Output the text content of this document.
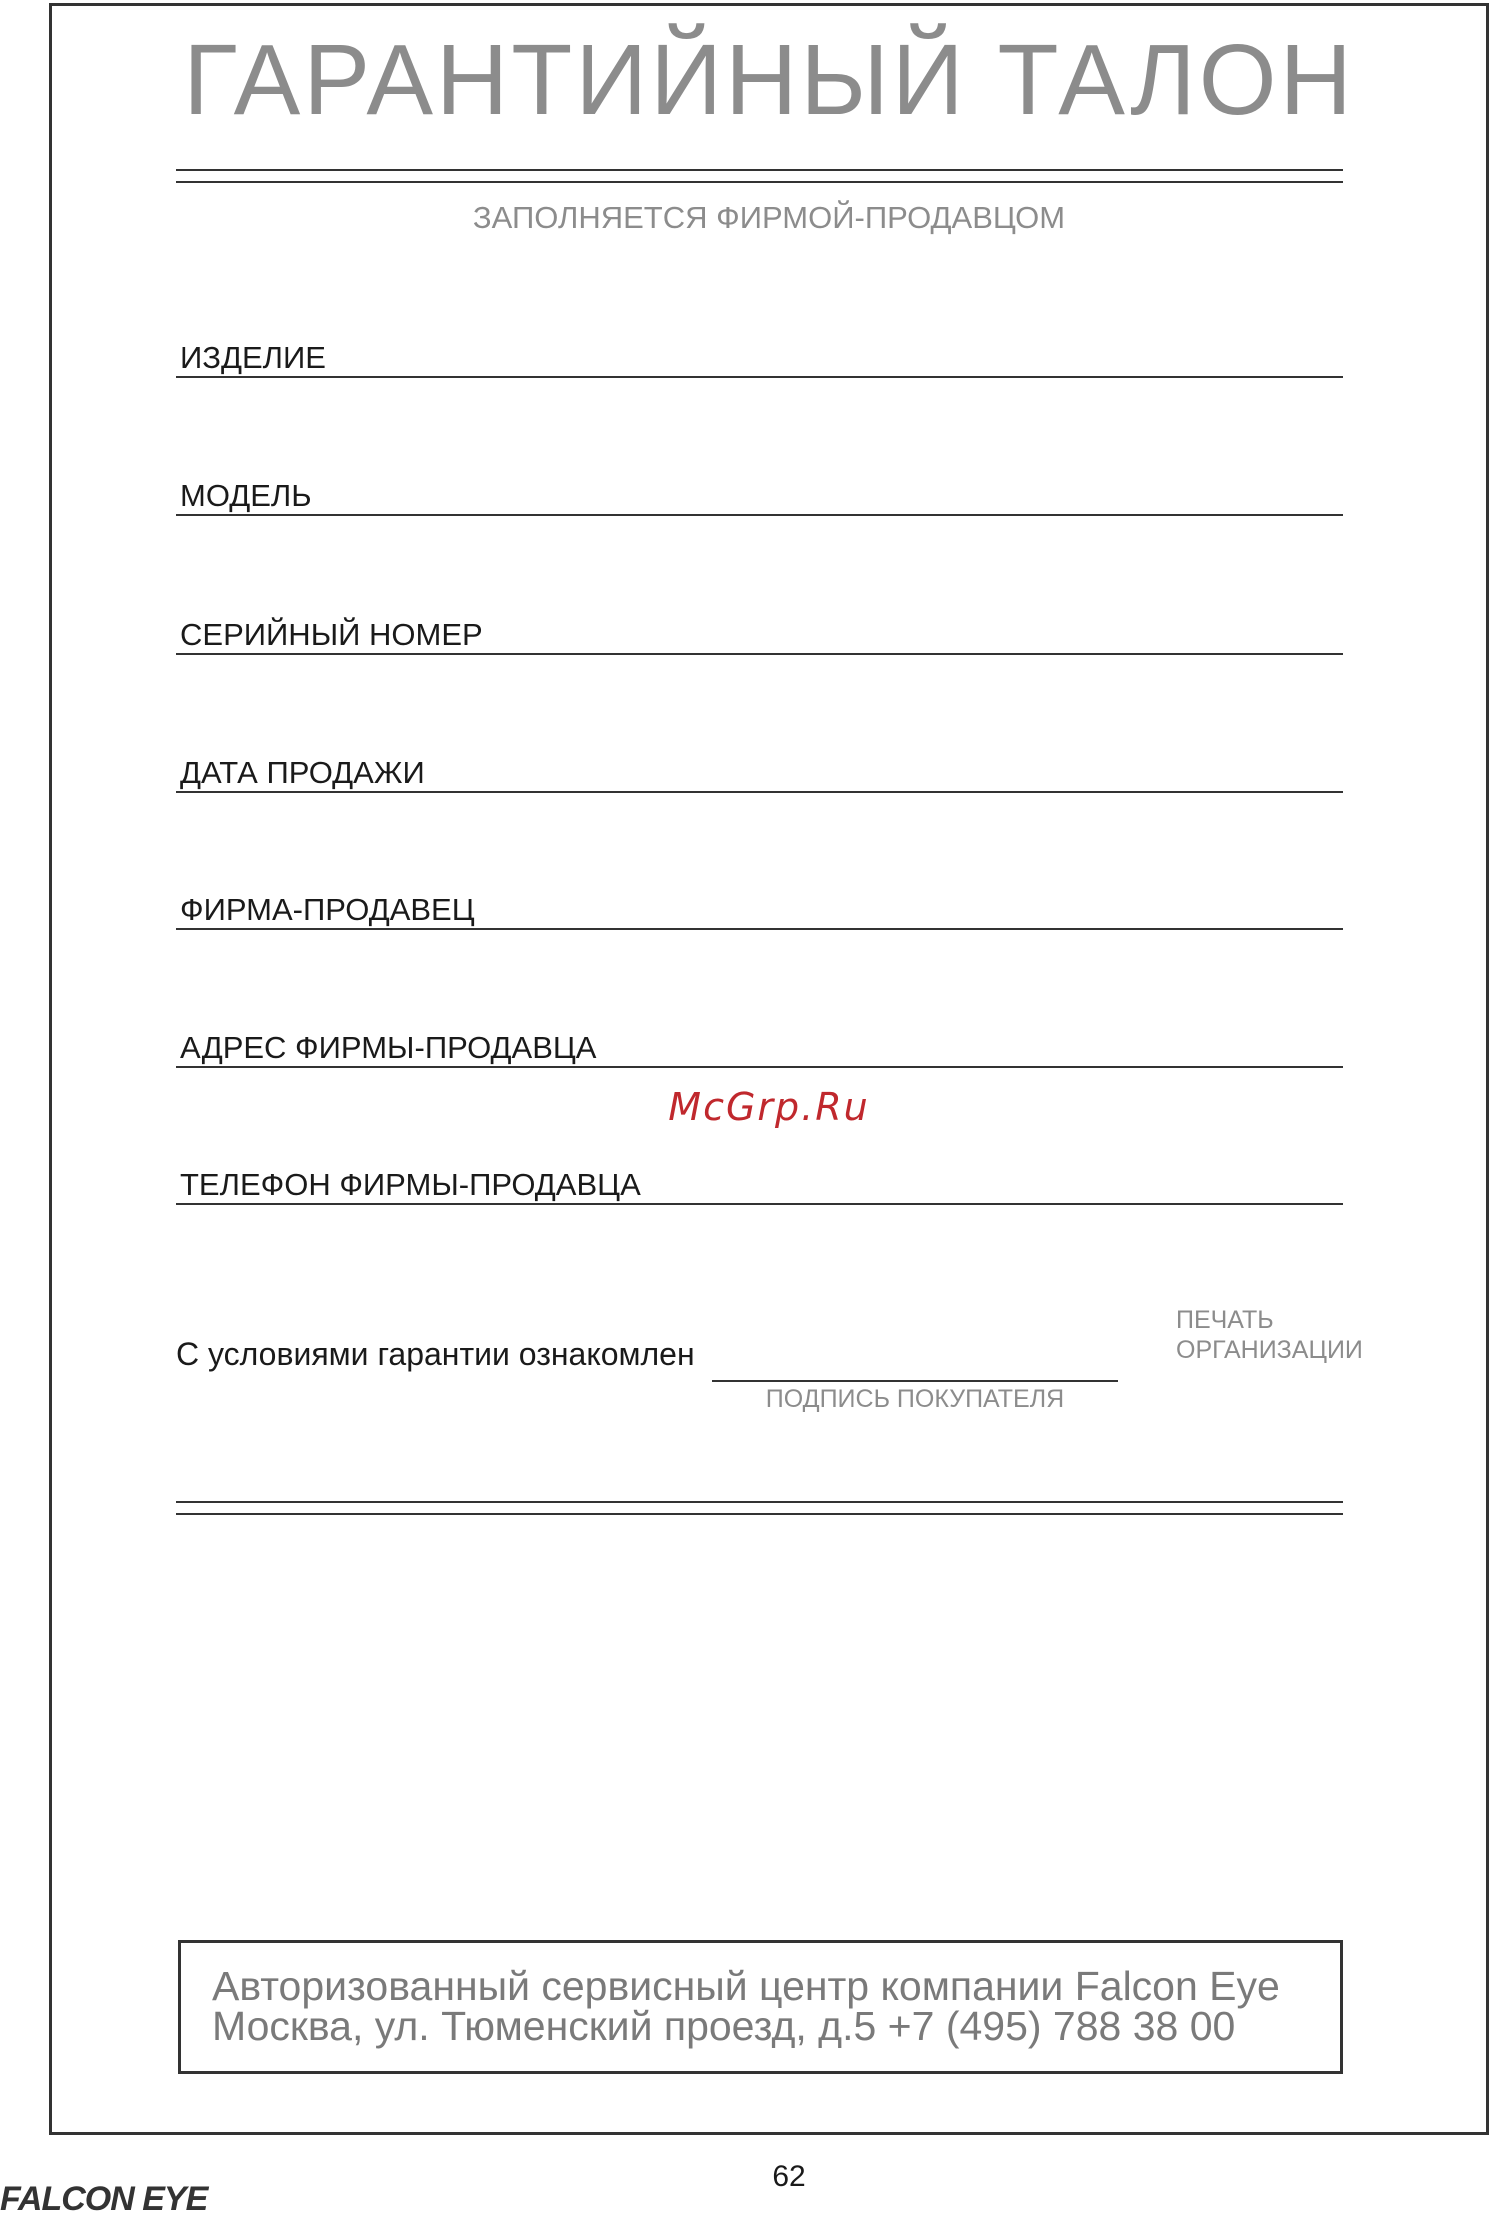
ГАРАНТИЙНЫЙ ТАЛОН
ЗАПОЛНЯЕТСЯ ФИРМОЙ-ПРОДАВЦОМ
ИЗДЕЛИЕ
МОДЕЛЬ
СЕРИЙНЫЙ НОМЕР
ДАТА ПРОДАЖИ
ФИРМА-ПРОДАВЕЦ
АДРЕС ФИРМЫ-ПРОДАВЦА
McGrp.Ru
ТЕЛЕФОН ФИРМЫ-ПРОДАВЦА
С условиями гарантии ознакомлен
ПОДПИСЬ ПОКУПАТЕЛЯ
ПЕЧАТЬ
ОРГАНИЗАЦИИ
Авторизованный сервисный центр компании Falcon Eye
Москва, ул. Тюменский проезд, д.5 +7 (495) 788 38 00
62
FALCON EYE
